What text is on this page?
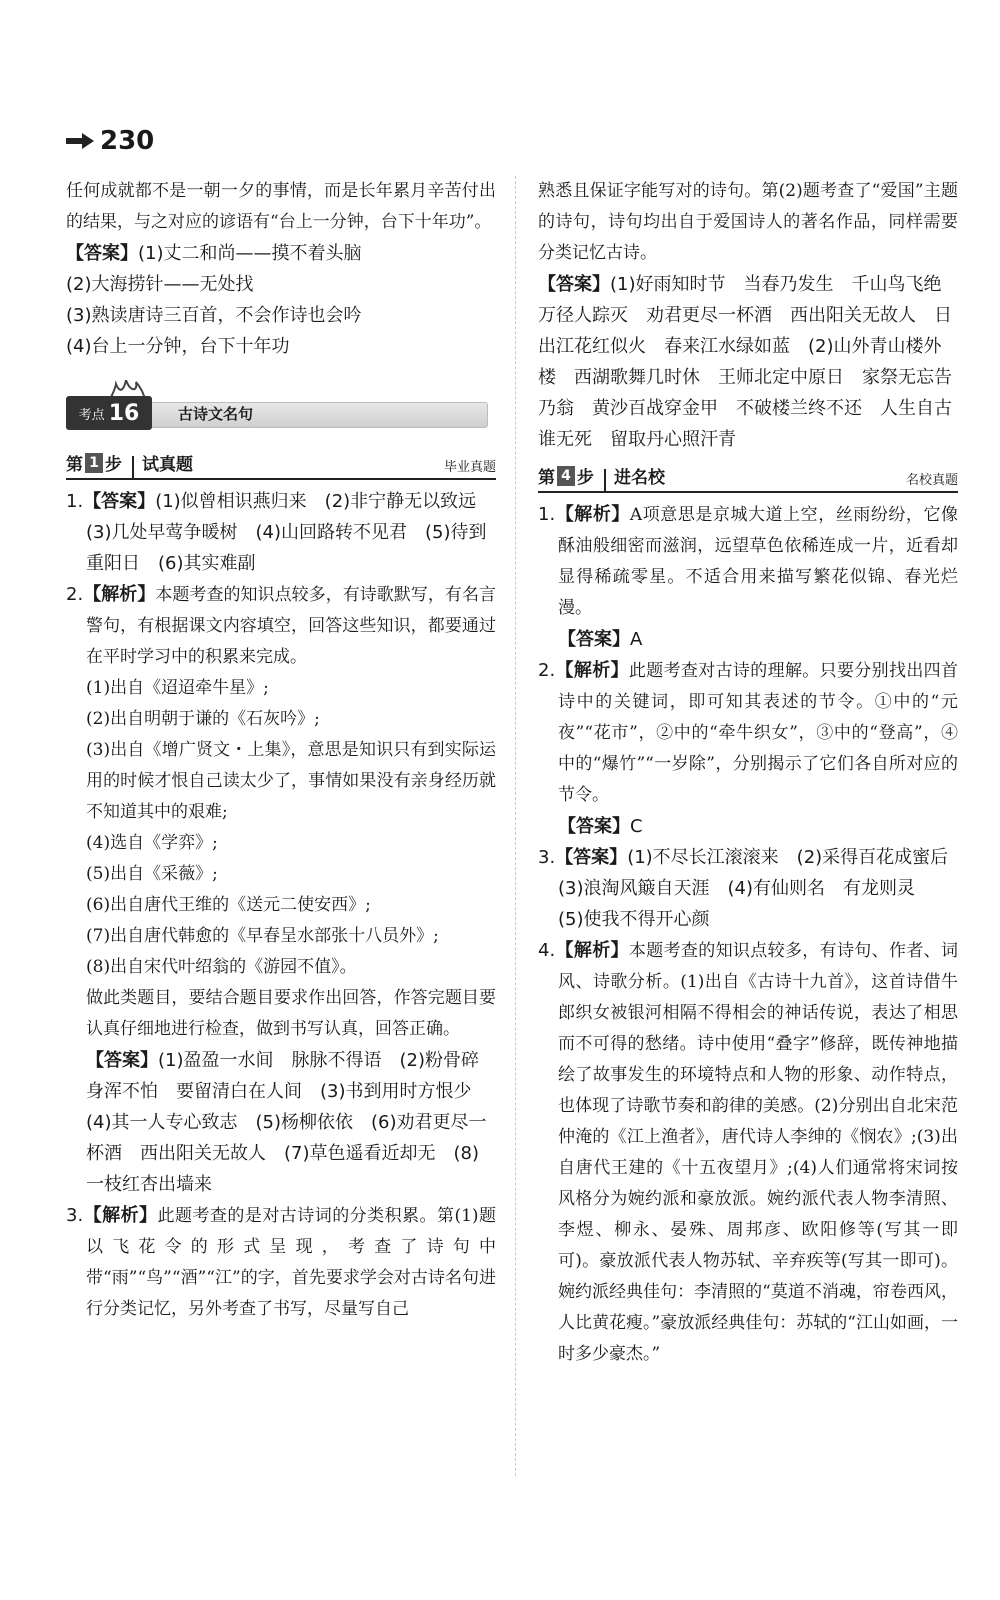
230
任何成就都不是一朝一夕的事情，而是长年累月辛苦付出的结果，与之对应的谚语有“台上一分钟，台下十年功”。
【答案】(1)丈二和尚——摸不着头脑
(2)大海捞针——无处找
(3)熟读唐诗三百首，不会作诗也会吟
(4)台上一分钟，台下十年功
考点 16	古诗文名句
第 1 步 试真题	毕业真题
1.【答案】(1)似曾相识燕归来　(2)非宁静无以致远　(3)几处早莺争暖树　(4)山回路转不见君　(5)待到重阳日　(6)其实难副
2.【解析】本题考查的知识点较多，有诗歌默写，有名言警句，有根据课文内容填空，回答这些知识，都要通过在平时学习中的积累来完成。
(1)出自《迢迢牵牛星》;
(2)出自明朝于谦的《石灰吟》;
(3)出自《增广贤文・上集》，意思是知识只有到实际运用的时候才恨自己读太少了，事情如果没有亲身经历就不知道其中的艰难;
(4)选自《学弈》;
(5)出自《采薇》;
(6)出自唐代王维的《送元二使安西》;
(7)出自唐代韩愈的《早春呈水部张十八员外》;
(8)出自宋代叶绍翁的《游园不值》。
做此类题目，要结合题目要求作出回答，作答完题目要认真仔细地进行检查，做到书写认真，回答正确。
【答案】(1)盈盈一水间　脉脉不得语　(2)粉骨碎身浑不怕　要留清白在人间　(3)书到用时方恨少　(4)其一人专心致志　(5)杨柳依依　(6)劝君更尽一杯酒　西出阳关无故人　(7)草色遥看近却无　(8)一枝红杏出墙来
3.【解析】此题考查的是对古诗词的分类积累。第(1)题以飞花令的形式呈现，考查了诗句中带“雨”“鸟”“酒”“江”的字，首先要求学会对古诗名句进行分类记忆，另外考查了书写，尽量写自己
熟悉且保证字能写对的诗句。第(2)题考查了“爱国”主题的诗句，诗句均出自于爱国诗人的著名作品，同样需要分类记忆古诗。
【答案】(1)好雨知时节　当春乃发生　千山鸟飞绝　万径人踪灭　劝君更尽一杯酒　西出阳关无故人　日出江花红似火　春来江水绿如蓝　(2)山外青山楼外楼　西湖歌舞几时休　王师北定中原日　家祭无忘告乃翁　黄沙百战穿金甲　不破楼兰终不还　人生自古谁无死　留取丹心照汗青
第 4 步 进名校	名校真题
1.【解析】A项意思是京城大道上空，丝雨纷纷，它像酥油般细密而滋润，远望草色依稀连成一片，近看却显得稀疏零星。不适合用来描写繁花似锦、春光烂漫。
【答案】A
2.【解析】此题考查对古诗的理解。只要分别找出四首诗中的关键词，即可知其表述的节令。①中的“元夜”“花市”，②中的“牵牛织女”，③中的“登高”，④中的“爆竹”“一岁除”，分别揭示了它们各自所对应的节令。
【答案】C
3.【答案】(1)不尽长江滚滚来　(2)采得百花成蜜后　(3)浪淘风簸自天涯　(4)有仙则名　有龙则灵　(5)使我不得开心颜
4.【解析】本题考查的知识点较多，有诗句、作者、词风、诗歌分析。(1)出自《古诗十九首》，这首诗借牛郎织女被银河相隔不得相会的神话传说，表达了相思而不可得的愁绪。诗中使用“叠字”修辞，既传神地描绘了故事发生的环境特点和人物的形象、动作特点，也体现了诗歌节奏和韵律的美感。(2)分别出自北宋范仲淹的《江上渔者》，唐代诗人李绅的《悯农》;(3)出自唐代王建的《十五夜望月》;(4)人们通常将宋词按风格分为婉约派和豪放派。婉约派代表人物李清照、李煜、柳永、晏殊、周邦彦、欧阳修等(写其一即可)。豪放派代表人物苏轼、辛弃疾等(写其一即可)。婉约派经典佳句：李清照的“莫道不消魂，帘卷西风，人比黄花瘦。”豪放派经典佳句：苏轼的“江山如画，一时多少豪杰。”
